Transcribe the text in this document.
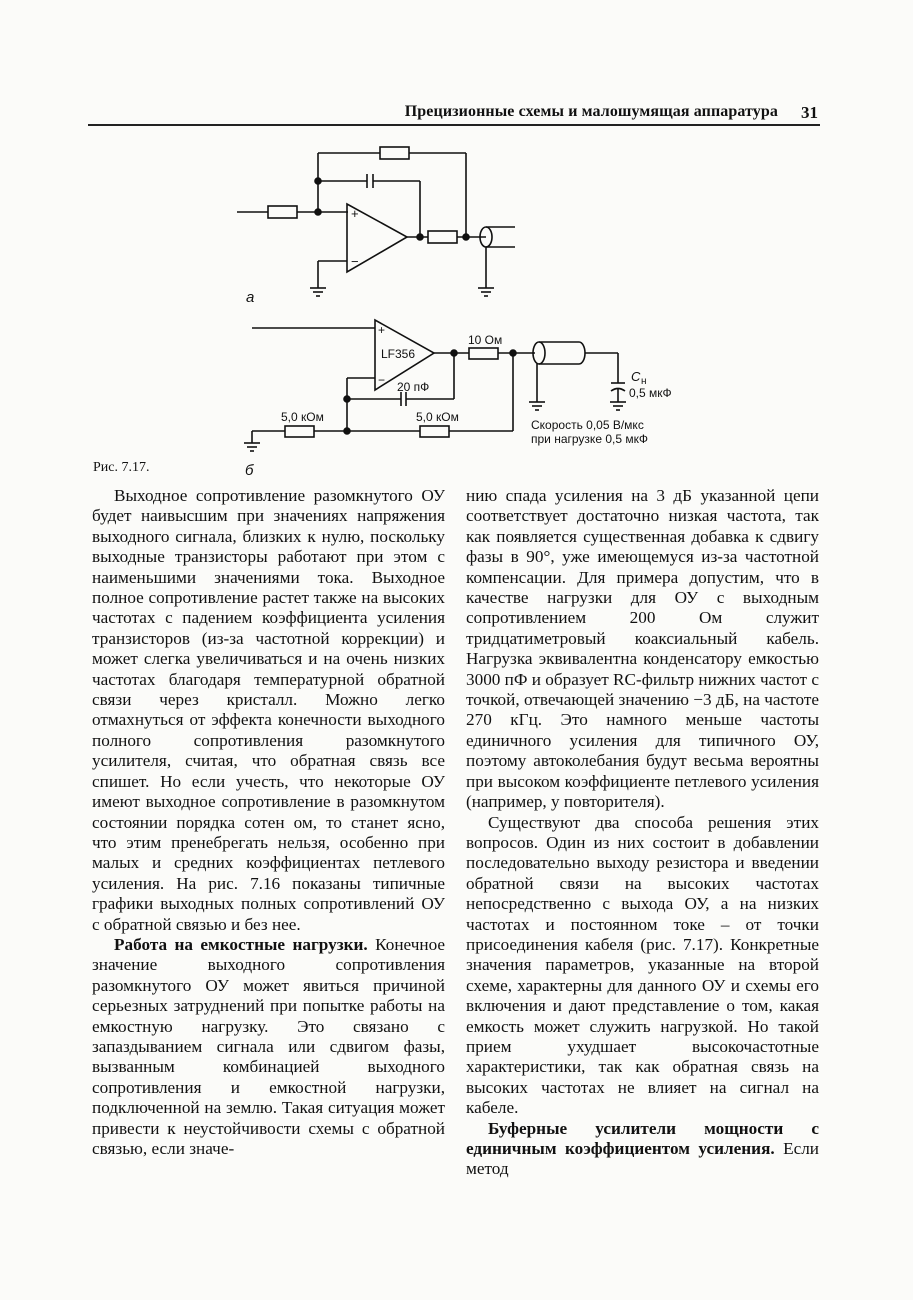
Прецизионные схемы и малошумящая аппаратура 31
+
−
а
+
−
LF356
20 пФ
10 Ом
5,0 кОм	5,0 кОм
C н
0,5 мкФ
Скорость 0,05 В/мкс
при нагрузке 0,5 мкФ
б
Рис. 7.17.

Выходное сопротивление разомкнутого ОУ будет наивысшим при значениях напряжения выходного сигнала, близких к нулю, поскольку выходные транзисторы работают при этом с наименьшими значениями тока. Выходное полное сопротивление растет также на высоких частотах с падением коэффициента усиления транзисторов (из-за частотной коррекции) и может слегка увеличиваться и на очень низких частотах благодаря температурной обратной связи через кристалл. Можно легко отмахнуться от эффекта конечности выходного полного сопротивления разомкнутого усилителя, считая, что обратная связь все спишет. Но если учесть, что некоторые ОУ имеют выходное сопротивление в разомкнутом состоянии порядка сотен ом, то станет ясно, что этим пренебрегать нельзя, особенно при малых и средних коэффициентах петлевого усиления. На рис. 7.16 показаны типичные графики выходных полных сопротивлений ОУ с обратной связью и без нее.

Работа на емкостные нагрузки. Конечное значение выходного сопротивления разомкнутого ОУ может явиться причиной серьезных затруднений при попытке работы на емкостную нагрузку. Это связано с запаздыванием сигнала или сдвигом фазы, вызванным комбинацией выходного сопротивления и емкостной нагрузки, подключенной на землю. Такая ситуация может привести к неустойчивости схемы с обратной связью, если значе-

нию спада усиления на 3 дБ указанной цепи соответствует достаточно низкая частота, так как появляется существенная добавка к сдвигу фазы в 90°, уже имеющемуся из-за частотной компенсации. Для примера допустим, что в качестве нагрузки для ОУ с выходным сопротивлением 200 Ом служит тридцатиметровый коаксиальный кабель. Нагрузка эквивалентна конденсатору емкостью 3000 пФ и образует RC-фильтр нижних частот с точкой, отвечающей значению −3 дБ, на частоте 270 кГц. Это намного меньше частоты единичного усиления для типичного ОУ, поэтому автоколебания будут весьма вероятны при высоком коэффициенте петлевого усиления (например, у повторителя).

Существуют два способа решения этих вопросов. Один из них состоит в добавлении последовательно выходу резистора и введении обратной связи на высоких частотах непосредственно с выхода ОУ, а на низких частотах и постоянном токе – от точки присоединения кабеля (рис. 7.17). Конкретные значения параметров, указанные на второй схеме, характерны для данного ОУ и схемы его включения и дают представление о том, какая емкость может служить нагрузкой. Но такой прием ухудшает высокочастотные характеристики, так как обратная связь на высоких частотах не влияет на сигнал на кабеле.

Буферные усилители мощности с единичным коэффициентом усиления. Если метод
